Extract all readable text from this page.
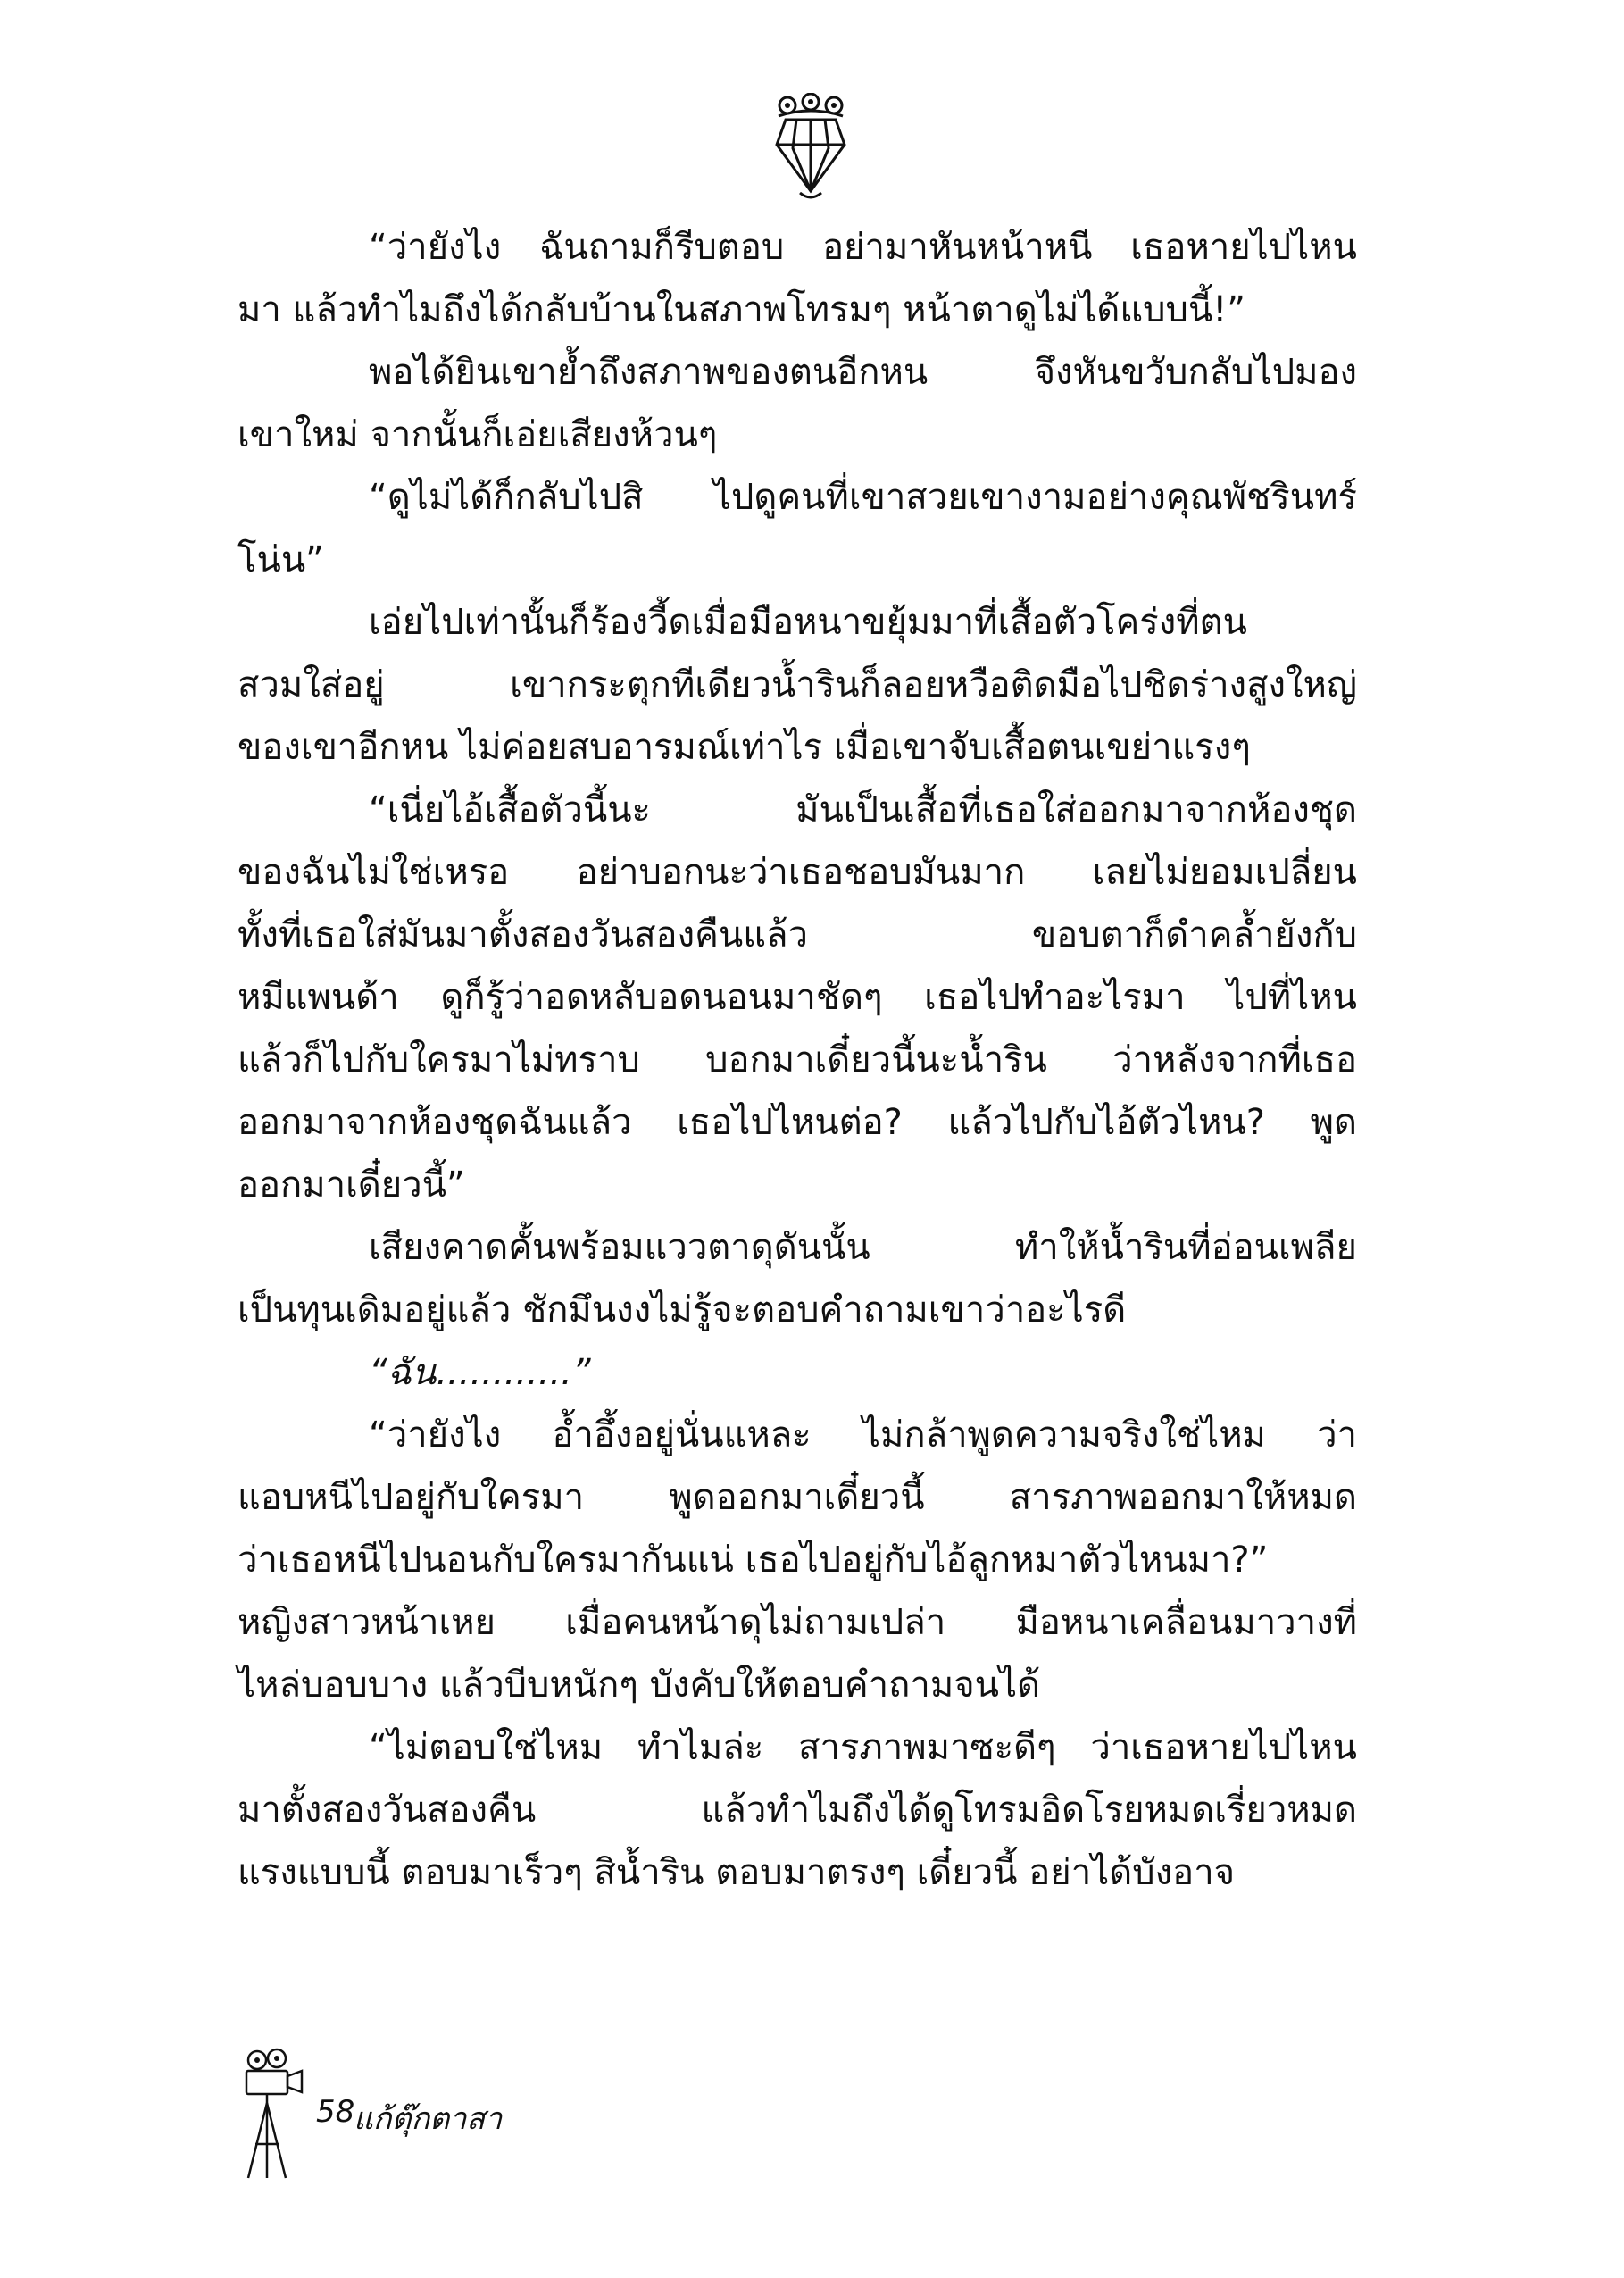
“ว่ายังไง ฉันถามก็รีบตอบ อย่ามาหันหน้าหนี เธอหายไปไหน
มา แล้วทำไมถึงได้กลับบ้านในสภาพโทรมๆ หน้าตาดูไม่ได้แบบนี้!”
พอได้ยินเขาย้ำถึงสภาพของตนอีกหน จึงหันขวับกลับไปมอง
เขาใหม่ จากนั้นก็เอ่ยเสียงห้วนๆ
“ดูไม่ได้ก็กลับไปสิ ไปดูคนที่เขาสวยเขางามอย่างคุณพัชรินทร์
โน่น”
เอ่ยไปเท่านั้นก็ร้องวี้ดเมื่อมือหนาขยุ้มมาที่เสื้อตัวโคร่งที่ตน
สวมใส่อยู่ เขากระตุกทีเดียวน้ำรินก็ลอยหวือติดมือไปชิดร่างสูงใหญ่
ของเขาอีกหน ไม่ค่อยสบอารมณ์เท่าไร เมื่อเขาจับเสื้อตนเขย่าแรงๆ
“เนี่ยไอ้เสื้อตัวนี้นะ มันเป็นเสื้อที่เธอใส่ออกมาจากห้องชุด
ของฉันไม่ใช่เหรอ อย่าบอกนะว่าเธอชอบมันมาก เลยไม่ยอมเปลี่ยน
ทั้งที่เธอใส่มันมาตั้งสองวันสองคืนแล้ว ขอบตาก็ดำคล้ำยังกับ
หมีแพนด้า ดูก็รู้ว่าอดหลับอดนอนมาชัดๆ เธอไปทำอะไรมา ไปที่ไหน
แล้วก็ไปกับใครมาไม่ทราบ บอกมาเดี๋ยวนี้นะน้ำริน ว่าหลังจากที่เธอ
ออกมาจากห้องชุดฉันแล้ว เธอไปไหนต่อ? แล้วไปกับไอ้ตัวไหน? พูด
ออกมาเดี๋ยวนี้”
เสียงคาดคั้นพร้อมแววตาดุดันนั้น ทำให้น้ำรินที่อ่อนเพลีย
เป็นทุนเดิมอยู่แล้ว ชักมึนงงไม่รู้จะตอบคำถามเขาว่าอะไรดี
“ฉัน............”
“ว่ายังไง อ้ำอึ้งอยู่นั่นแหละ ไม่กล้าพูดความจริงใช่ไหม ว่า
แอบหนีไปอยู่กับใครมา พูดออกมาเดี๋ยวนี้ สารภาพออกมาให้หมด
ว่าเธอหนีไปนอนกับใครมากันแน่ เธอไปอยู่กับไอ้ลูกหมาตัวไหนมา?”
หญิงสาวหน้าเหย เมื่อคนหน้าดุไม่ถามเปล่า มือหนาเคลื่อนมาวางที่
ไหล่บอบบาง แล้วบีบหนักๆ บังคับให้ตอบคำถามจนได้
“ไม่ตอบใช่ไหม ทำไมล่ะ สารภาพมาซะดีๆ ว่าเธอหายไปไหน
มาตั้งสองวันสองคืน แล้วทำไมถึงได้ดูโทรมอิดโรยหมดเรี่ยวหมด
แรงแบบนี้ ตอบมาเร็วๆ สิน้ำริน ตอบมาตรงๆ เดี๋ยวนี้ อย่าได้บังอาจ
58
แก้ตุ๊กตาสา
